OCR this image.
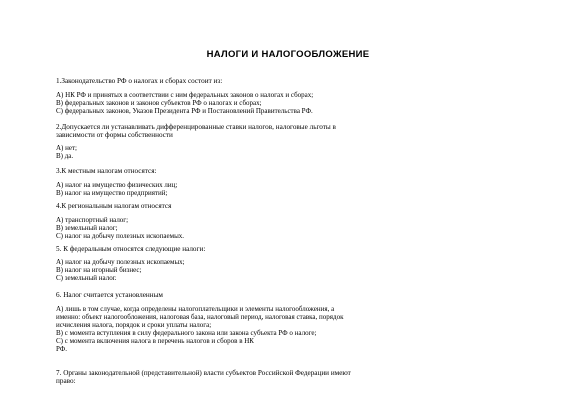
НАЛОГИ И НАЛОГООБЛОЖЕНИЕ
1.Законодательство РФ о налогах и сборах состоит из:
А) НК РФ и принятых в соответствии с ним федеральных законов о налогах и сборах;
В) федеральных законов и законов субъектов РФ о налогах и сборах;
С) федеральных законов, Указов Президента РФ и Постановлений Правительства РФ.
2.Допускается ли устанавливать дифференцированные ставки налогов, налоговые льготы в
зависимости от формы собственности
А) нет;
В) да.
3.К местным налогам относятся:
А) налог на имущество физических лиц;
В) налог на имущество предприятий;
4.К региональным налогам относятся
А) транспортный налог;
В) земельный налог;
С) налог на добычу полезных ископаемых.
5. К федеральным относятся следующие налоги:
А) налог на добычу полезных ископаемых;
В) налог на игорный бизнес;
С) земельный налог.
6. Налог считается установленным
А) лишь в том случае, когда определены налогоплательщики и элементы налогообложения, а
именно: объект налогообложения, налоговая база, налоговый период, налоговая ставка, порядок
исчисления налога, порядок и сроки уплаты налога;
В) с момента вступления в силу федерального закона или закона субъекта РФ о налоге;
С) с момента включения налога в перечень налогов и сборов в НК
РФ.
7. Органы законодательной (представительной) власти субъектов Российской Федерации имеют
право:
